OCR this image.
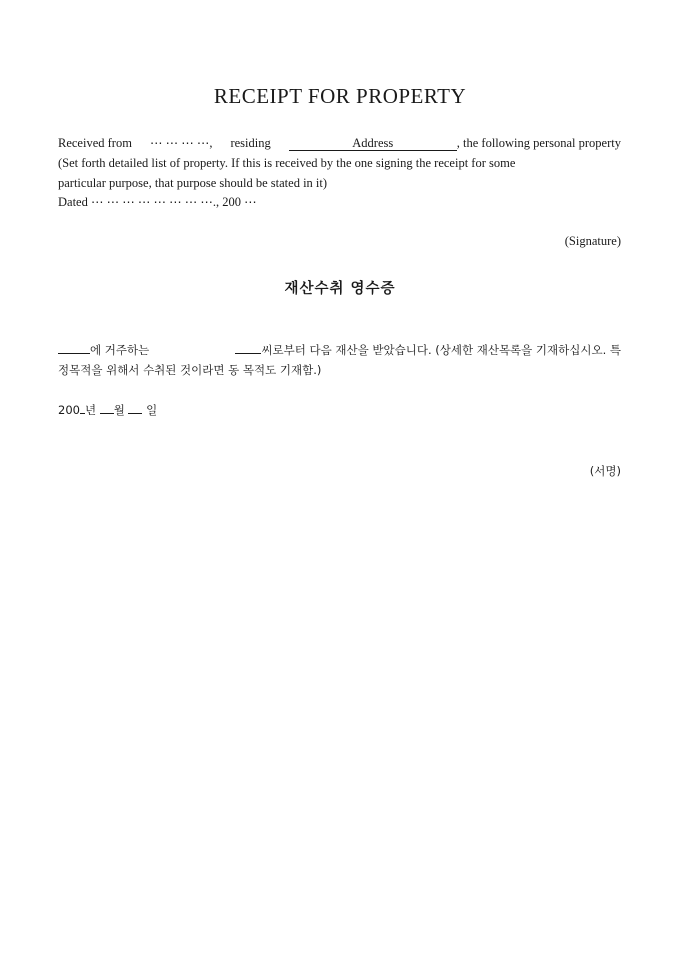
RECEIPT FOR PROPERTY
Received from ⋯ ⋯ ⋯ ⋯, residing	Address	, the following personal property
(Set forth detailed list of property. If this is received by the one signing the receipt for some
particular purpose, that purpose should be stated in it)
Dated ⋯ ⋯ ⋯ ⋯ ⋯ ⋯ ⋯ ⋯., 200 ⋯
(Signature)
재산수취 영수증
에 거주하는	씨로부터 다음 재산을 받았습니다. (상세한 재산목록을 기재하십시오. 특
정목적을 위해서 수취된 것이라면 동 목적도 기재함.)
200 년 월 일
(서명)
